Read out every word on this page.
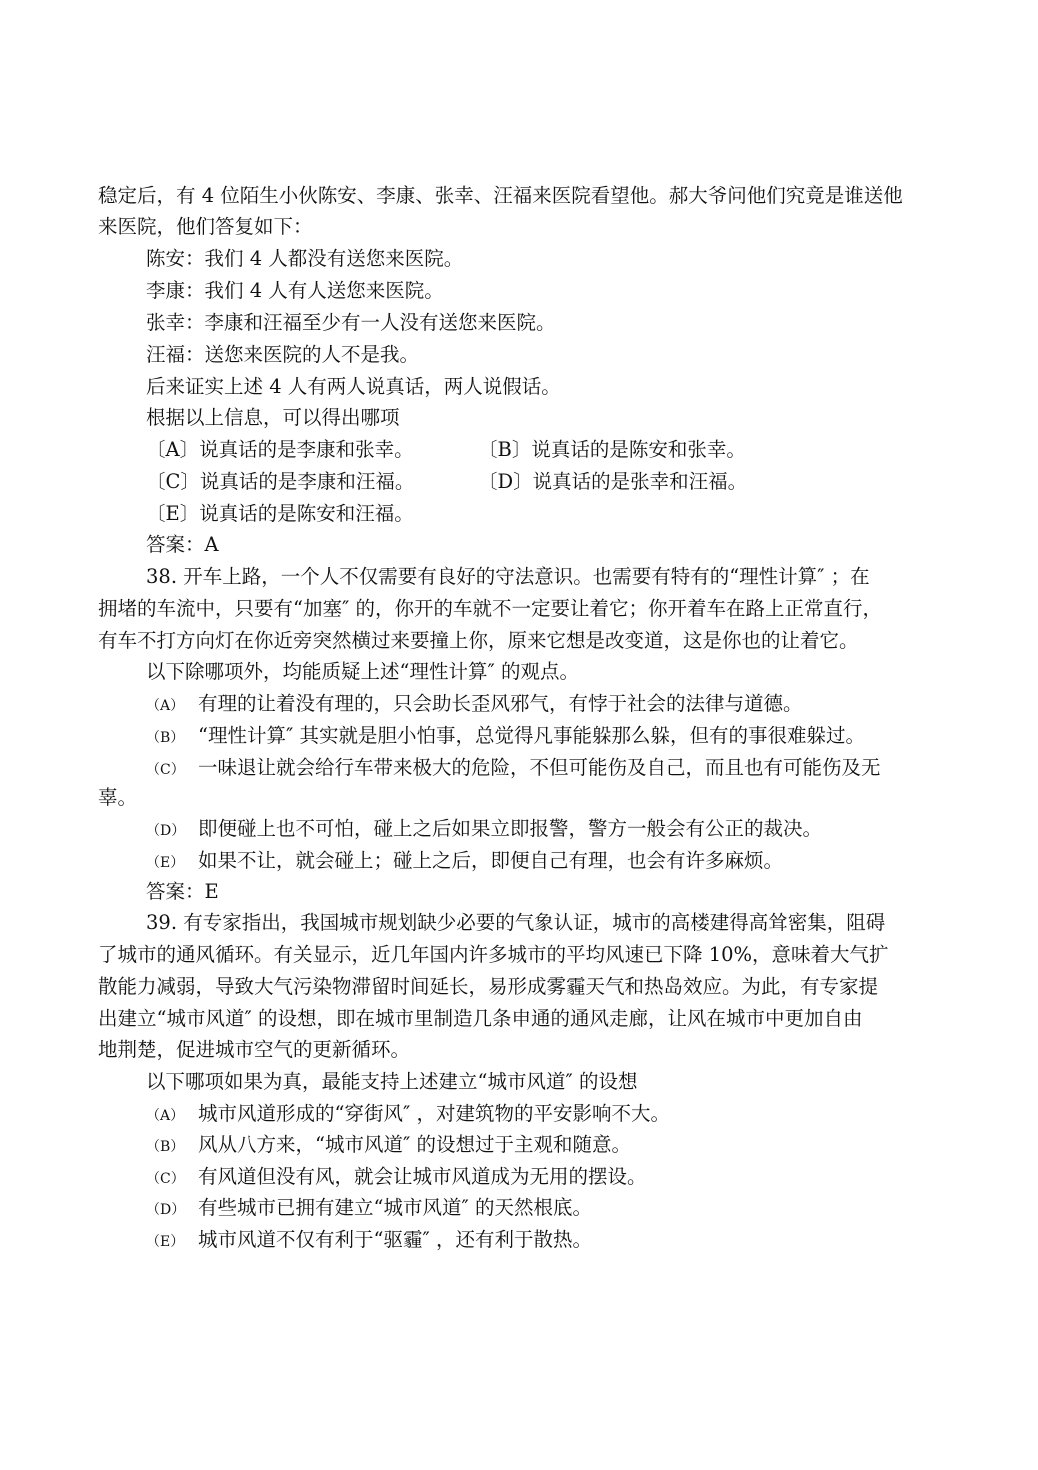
稳定后，有 4 位陌生小伙陈安、李康、张幸、汪福来医院看望他。郝大爷问他们究竟是谁送他
来医院，他们答复如下：
陈安：我们 4 人都没有送您来医院。
李康：我们 4 人有人送您来医院。
张幸：李康和汪福至少有一人没有送您来医院。
汪福：送您来医院的人不是我。
后来证实上述 4 人有两人说真话，两人说假话。
根据以上信息，可以得出哪项
〔A〕说真话的是李康和张幸。	〔B〕说真话的是陈安和张幸。
〔C〕说真话的是李康和汪福。	〔D〕说真话的是张幸和汪福。
〔E〕说真话的是陈安和汪福。
答案：A
38. 开车上路，一个人不仅需要有良好的守法意识。也需要有特有的“理性计算″ ；在
拥堵的车流中，只要有“加塞″ 的，你开的车就不一定要让着它；你开着车在路上正常直行，
有车不打方向灯在你近旁突然横过来要撞上你，原来它想是改变道，这是你也的让着它。
以下除哪项外，均能质疑上述“理性计算″ 的观点。
（A） 有理的让着没有理的，只会助长歪风邪气，有悖于社会的法律与道德。
（B） “理性计算″ 其实就是胆小怕事，总觉得凡事能躲那么躲，但有的事很难躲过。
（C） 一味退让就会给行车带来极大的危险，不但可能伤及自己，而且也有可能伤及无
辜。
（D） 即便碰上也不可怕，碰上之后如果立即报警，警方一般会有公正的裁决。
（E） 如果不让，就会碰上；碰上之后，即便自己有理，也会有许多麻烦。
答案：E
39. 有专家指出，我国城市规划缺少必要的气象认证，城市的高楼建得高耸密集，阻碍
了城市的通风循环。有关显示，近几年国内许多城市的平均风速已下降 10%，意味着大气扩
散能力减弱，导致大气污染物滞留时间延长，易形成雾霾天气和热岛效应。为此，有专家提
出建立“城市风道″ 的设想，即在城市里制造几条申通的通风走廊，让风在城市中更加自由
地荆楚，促进城市空气的更新循环。
以下哪项如果为真，最能支持上述建立“城市风道″ 的设想
（A） 城市风道形成的“穿街风″ ，对建筑物的平安影响不大。
（B） 风从八方来，“城市风道″ 的设想过于主观和随意。
（C） 有风道但没有风，就会让城市风道成为无用的摆设。
（D） 有些城市已拥有建立“城市风道″ 的天然根底。
（E） 城市风道不仅有利于“驱霾″ ，还有利于散热。
